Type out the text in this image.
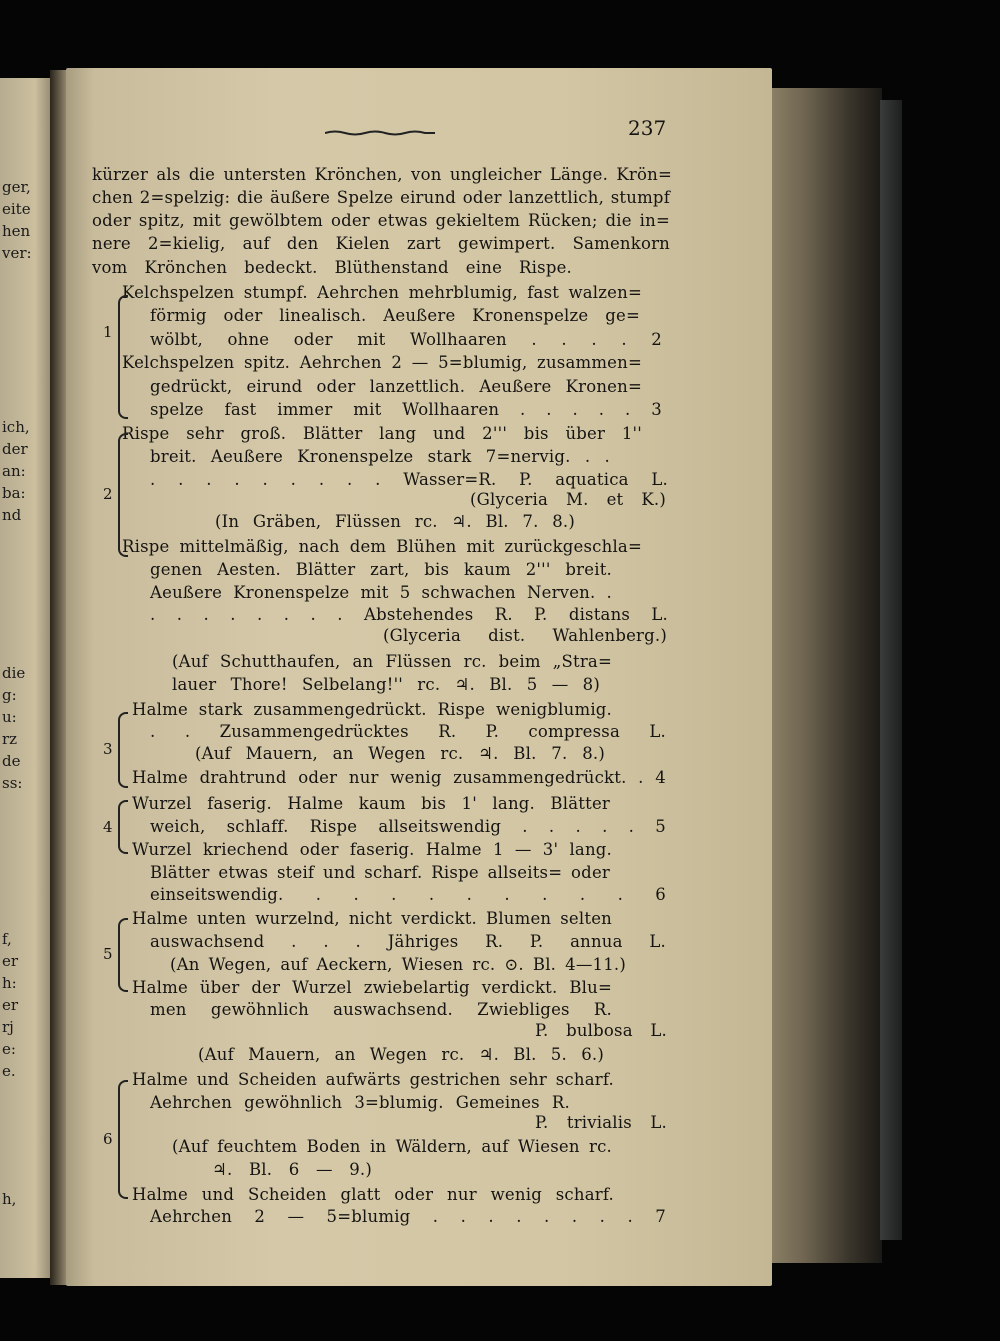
ger,
eite
hen
ver:
ich,
der
an:
ba:
nd
die
g:
u:
rz
de
ss:
f,
er
h:
er
rj
e:
e.
h,
237
kürzer als die untersten Krönchen, von ungleicher Länge. Krön=
chen 2=spelzig: die äußere Spelze eirund oder lanzettlich, stumpf
oder spitz, mit gewölbtem oder etwas gekieltem Rücken; die in=
nere 2=kielig, auf den Kielen zart gewimpert. Samenkorn
vom Krönchen bedeckt. Blüthenstand eine Rispe.
Kelchspelzen stumpf. Aehrchen mehrblumig, fast walzen=
förmig oder linealisch. Aeußere Kronenspelze ge=
wölbt, ohne oder mit Wollhaaren . . . . 2
Kelchspelzen spitz. Aehrchen 2 — 5=blumig, zusammen=
gedrückt, eirund oder lanzettlich. Aeußere Kronen=
spelze fast immer mit Wollhaaren . . . . . 3
Rispe sehr groß. Blätter lang und 2''' bis über 1''
breit. Aeußere Kronenspelze stark 7=nervig. . .
. . . . . . . . . Wasser=R. P. aquatica L.
(Glyceria M. et K.)
(In Gräben, Flüssen rc. ♃. Bl. 7. 8.)
Rispe mittelmäßig, nach dem Blühen mit zurückgeschla=
genen Aesten. Blätter zart, bis kaum 2''' breit.
Aeußere Kronenspelze mit 5 schwachen Nerven. .
. . . . . . . . Abstehendes R. P. distans L.
(Glyceria dist. Wahlenberg.)
(Auf Schutthaufen, an Flüssen rc. beim „Stra=
lauer Thore! Selbelang!'' rc. ♃. Bl. 5 — 8)
Halme stark zusammengedrückt. Rispe wenigblumig.
. . Zusammengedrücktes R. P. compressa L.
(Auf Mauern, an Wegen rc. ♃. Bl. 7. 8.)
Halme drahtrund oder nur wenig zusammengedrückt. . 4
Wurzel faserig. Halme kaum bis 1' lang. Blätter
weich, schlaff. Rispe allseitswendig . . . . . 5
Wurzel kriechend oder faserig. Halme 1 — 3' lang.
Blätter etwas steif und scharf. Rispe allseits= oder
einseitswendig. . . . . . . . . . 6
Halme unten wurzelnd, nicht verdickt. Blumen selten
auswachsend . . . Jähriges R. P. annua L.
(An Wegen, auf Aeckern, Wiesen rc. ⊙. Bl. 4—11.)
Halme über der Wurzel zwiebelartig verdickt. Blu=
men gewöhnlich auswachsend. Zwiebliges R.
P. bulbosa L.
(Auf Mauern, an Wegen rc. ♃. Bl. 5. 6.)
Halme und Scheiden aufwärts gestrichen sehr scharf.
Aehrchen gewöhnlich 3=blumig. Gemeines R.
P. trivialis L.
(Auf feuchtem Boden in Wäldern, auf Wiesen rc.
♃. Bl. 6 — 9.)
Halme und Scheiden glatt oder nur wenig scharf.
Aehrchen 2 — 5=blumig . . . . . . . . 7
1
2
3
4
5
6
